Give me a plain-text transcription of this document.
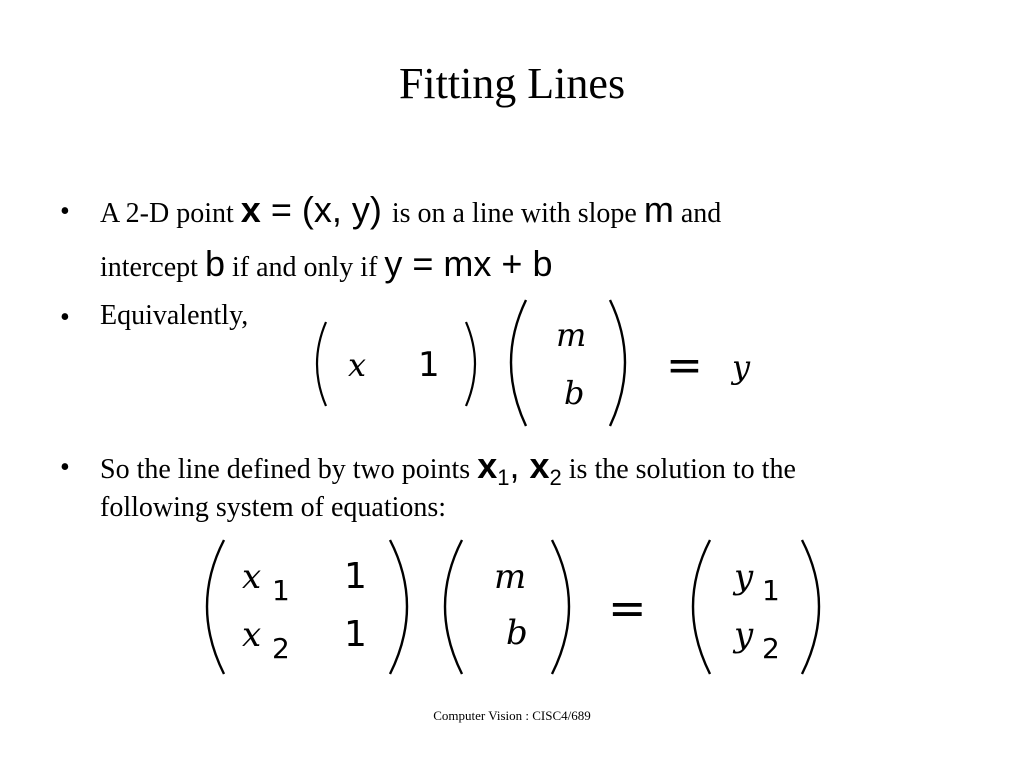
Fitting Lines
• A 2-D point x = (x, y) is on a line with slope m and
intercept b if and only if y = mx + b
• Equivalently,
x 1
m
b
= y
• So the line defined by two points $x_1$, $x_2$ is the solution to the
following system of equations:
x 1 1
x 2 1
m
b =
y 1
y 2
Computer Vision : CISC4/689
